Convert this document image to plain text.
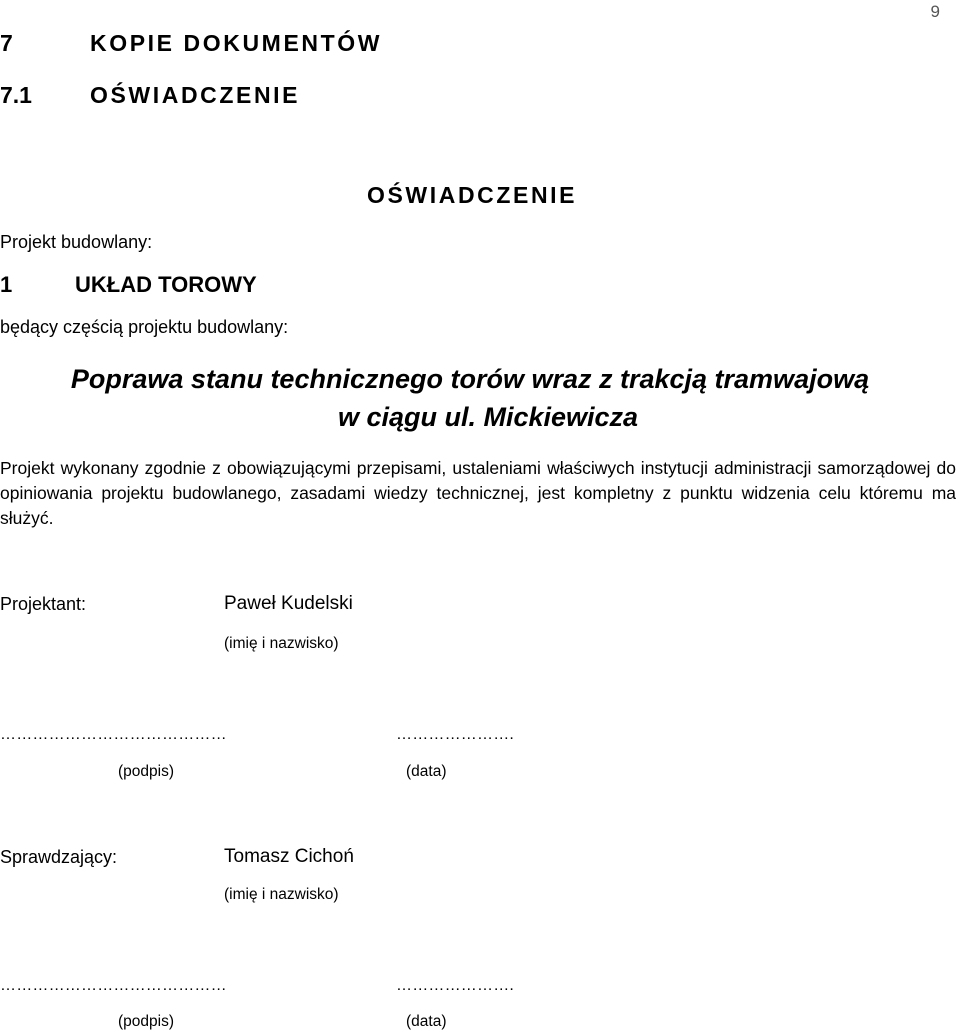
9
7	KOPIE DOKUMENTÓW
7.1	OŚWIADCZENIE
OŚWIADCZENIE
Projekt budowlany:
1	UKŁAD TOROWY
będący częścią projektu budowlany:
Poprawa stanu technicznego torów wraz z trakcją tramwajową
w ciągu ul. Mickiewicza
Projekt wykonany zgodnie z obowiązującymi przepisami, ustaleniami właściwych instytucji administracji samorządowej do opiniowania projektu budowlanego, zasadami wiedzy technicznej, jest kompletny z punktu widzenia celu któremu ma służyć.
Projektant:	Paweł Kudelski
(imię i nazwisko)
……………………………………	………………….
(podpis)	(data)
Sprawdzający:	Tomasz Cichoń
(imię i nazwisko)
……………………………………	………………….
(podpis)	(data)
